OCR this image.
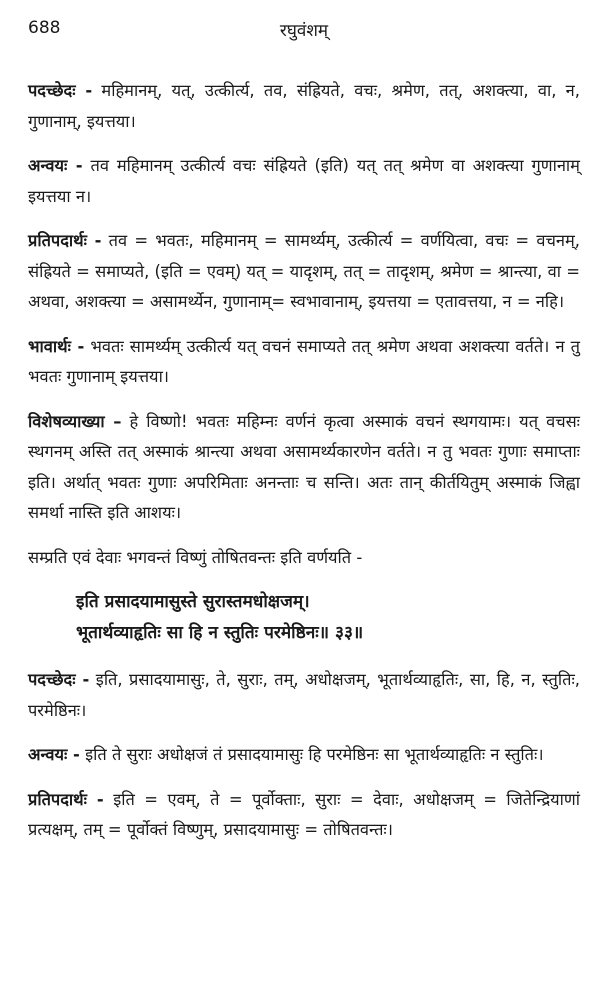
688	रघुवंशम्

पदच्छेदः - महिमानम्, यत्, उत्कीर्त्य, तव, संह्रियते, वचः, श्रमेण, तत्, अशक्त्या, वा, न, गुणानाम्, इयत्तया।

अन्वयः - तव महिमानम् उत्कीर्त्य वचः संह्रियते (इति) यत् तत् श्रमेण वा अशक्त्या गुणानाम् इयत्तया न।

प्रतिपदार्थः - तव = भवतः, महिमानम् = सामर्थ्यम्, उत्कीर्त्य = वर्णयित्वा, वचः = वचनम्, संह्रियते = समाप्यते, (इति = एवम्) यत् = यादृशम्, तत् = तादृशम्, श्रमेण = श्रान्त्या, वा = अथवा, अशक्त्या = असामर्थ्येन, गुणानाम्= स्वभावानाम्, इयत्तया = एतावत्तया, न = नहि।

भावार्थः - भवतः सामर्थ्यम् उत्कीर्त्य यत् वचनं समाप्यते तत् श्रमेण अथवा अशक्त्या वर्तते। न तु भवतः गुणानाम् इयत्तया।

विशेषव्याख्या – हे विष्णो! भवतः महिम्नः वर्णनं कृत्वा अस्माकं वचनं स्थगयामः। यत् वचसः स्थगनम् अस्ति तत् अस्माकं श्रान्त्या अथवा असामर्थ्यकारणेन वर्तते। न तु भवतः गुणाः समाप्ताः इति। अर्थात् भवतः गुणाः अपरिमिताः अनन्ताः च सन्ति। अतः तान् कीर्तयितुम् अस्माकं जिह्वा समर्था नास्ति इति आशयः।

सम्प्रति एवं देवाः भगवन्तं विष्णुं तोषितवन्तः इति वर्णयति -

इति प्रसादयामासुस्ते सुरास्तमधोक्षजम्।
भूतार्थव्याहृतिः सा हि न स्तुतिः परमेष्ठिनः॥ ३३॥

पदच्छेदः - इति, प्रसादयामासुः, ते, सुराः, तम्, अधोक्षजम्, भूतार्थव्याहृतिः, सा, हि, न, स्तुतिः, परमेष्ठिनः।

अन्वयः - इति ते सुराः अधोक्षजं तं प्रसादयामासुः हि परमेष्ठिनः सा भूतार्थव्याहृतिः न स्तुतिः।

प्रतिपदार्थः - इति = एवम्, ते = पूर्वोक्ताः, सुराः = देवाः, अधोक्षजम् = जितेन्द्रियाणां प्रत्यक्षम्, तम् = पूर्वोक्तं विष्णुम्, प्रसादयामासुः = तोषितवन्तः।
